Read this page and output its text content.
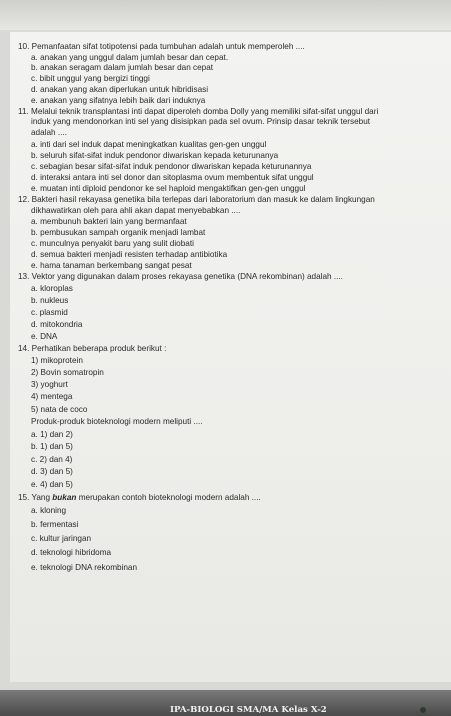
10. Pemanfaatan sifat totipotensi pada tumbuhan adalah untuk memperoleh ....
a. anakan yang unggul dalam jumlah besar dan cepat.
b. anakan seragam dalam jumlah besar dan cepat
c. bibit unggul yang bergizi tinggi
d. anakan yang akan diperlukan untuk hibridisasi
e. anakan yang sifatnya lebih baik dari induknya
11. Melalui teknik transplantasi inti dapat diperoleh domba Dolly yang memiliki sifat-sifat unggul dari
induk yang mendonorkan inti sel yang disisipkan pada sel ovum. Prinsip dasar teknik tersebut
adalah ....
a. inti dari sel induk dapat meningkatkan kualitas gen-gen unggul
b. seluruh sifat-sifat induk pendonor diwariskan kepada keturunanya
c. sebagian besar sifat-sifat induk pendonor diwariskan kepada keturunannya
d. interaksi antara inti sel donor dan sitoplasma ovum membentuk sifat unggul
e. muatan inti diploid pendonor ke sel haploid mengaktifkan gen-gen unggul
12. Bakteri hasil rekayasa genetika bila terlepas dari laboratorium dan masuk ke dalam lingkungan
dikhawatirkan oleh para ahli akan dapat menyebabkan ....
a. membunuh bakteri lain yang bermanfaat
b. pembusukan sampah organik menjadi lambat
c. munculnya penyakit baru yang sulit diobati
d. semua bakteri menjadi resisten terhadap antibiotika
e. hama tanaman berkembang sangat pesat
13. Vektor yang digunakan dalam proses rekayasa genetika (DNA rekombinan) adalah ....
a. kloroplas
b. nukleus
c. plasmid
d. mitokondria
e. DNA
14. Perhatikan beberapa produk berikut :
1) mikoprotein
2) Bovin somatropin
3) yoghurt
4) mentega
5) nata de coco
Produk-produk bioteknologi modern meliputi ....
a. 1) dan 2)
b. 1) dan 5)
c. 2) dan 4)
d. 3) dan 5)
e. 4) dan 5)
15. Yang bukan merupakan contoh bioteknologi modern adalah ....
a. kloning
b. fermentasi
c. kultur jaringan
d. teknologi hibridoma
e. teknologi DNA rekombinan
IPA-BIOLOGI SMA/MA Kelas X-2
